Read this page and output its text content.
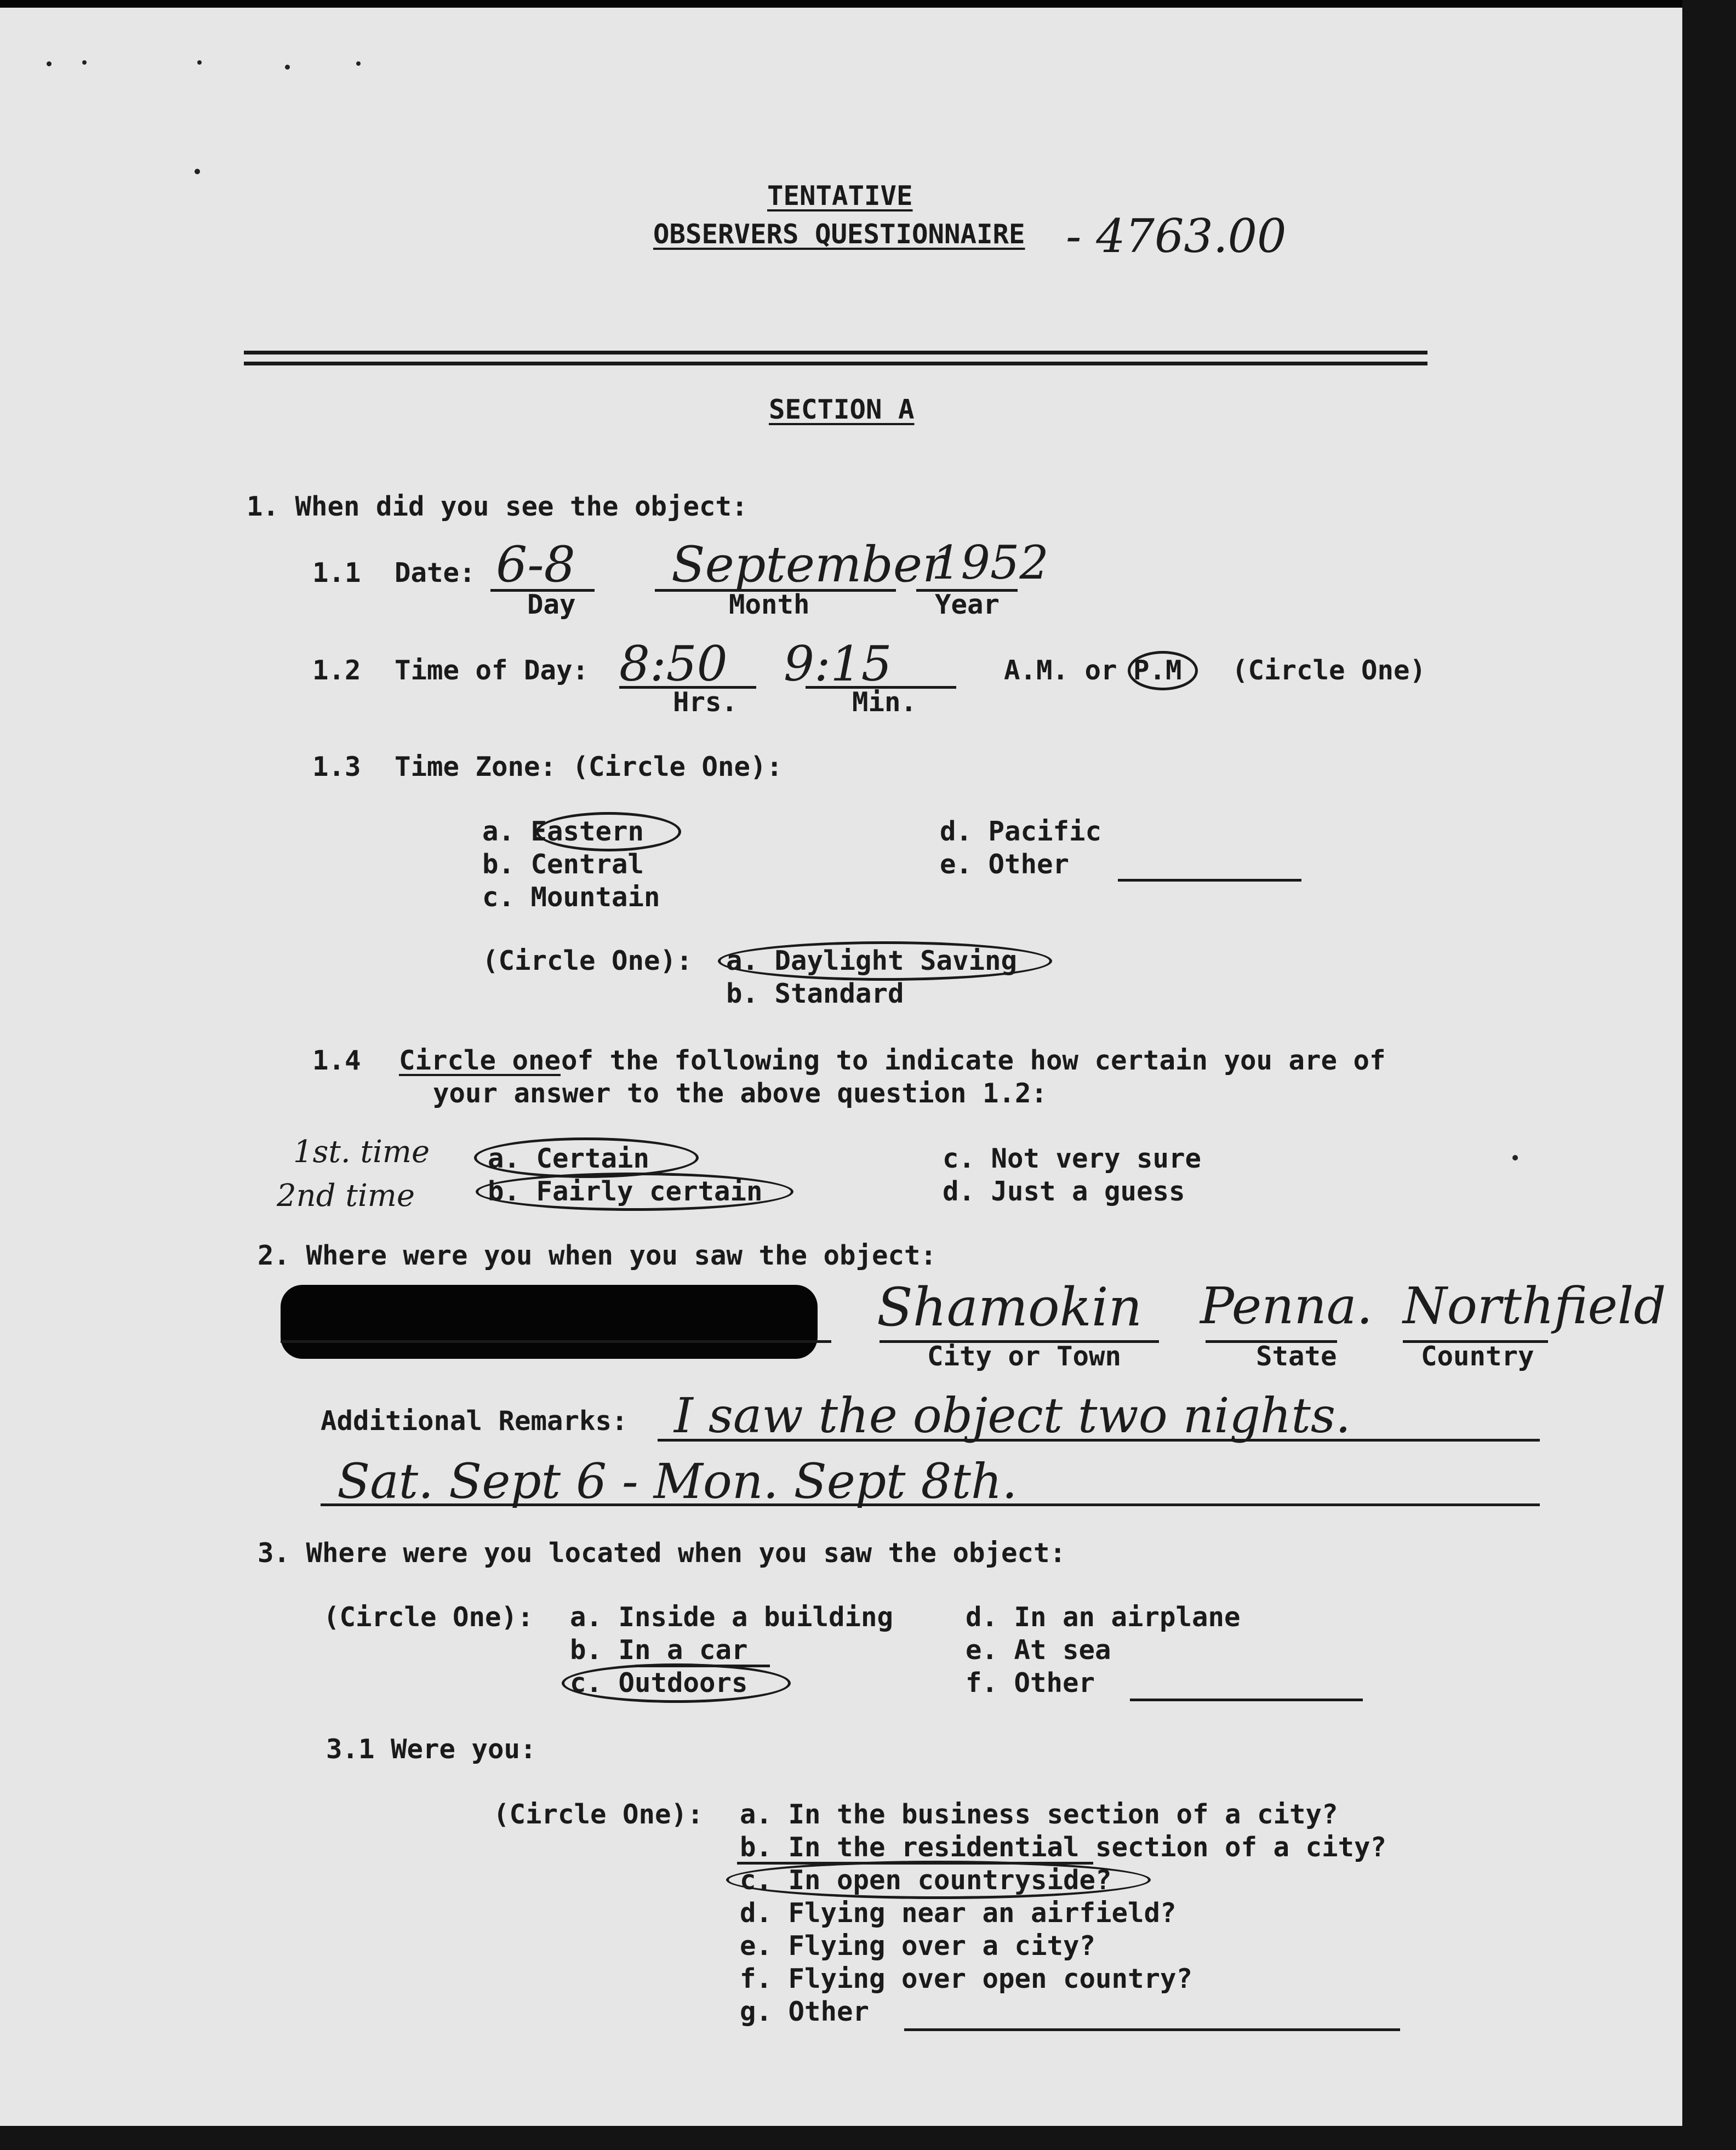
TENTATIVE
OBSERVERS QUESTIONNAIRE - 4763.00
SECTION A
1. When did you see the object:
1.1 Date: 6-8 September
1952
Day	Month	Year
1.2 Time of Day: 8:50 9:15
Hrs.	Min.
A.M. or P.M (Circle One)
1.3 Time Zone: (Circle One):
a. Eastern
b. Central
c. Mountain
d. Pacific
e. Other
(Circle One): a. Daylight Saving
b. Standard
1.4 Circle one of the following to indicate how certain you are of
your answer to the above question 1.2:
1st. time
2nd time
a. Certain
b. Fairly certain
c. Not very sure
d. Just a guess
2. Where were you when you saw the object:
Shamokin Penna. Northfield
City or Town	State	Country
Additional Remarks: I saw the object two nights.
Sat. Sept 6 - Mon. Sept 8th.
3. Where were you located when you saw the object:
(Circle One): a. Inside a building
b. In a car
c. Outdoors
d. In an airplane
e. At sea
f. Other
3.1 Were you:
(Circle One): a. In the business section of a city?
b. In the residential section of a city?
c. In open countryside?
d. Flying near an airfield?
e. Flying over a city?
f. Flying over open country?
g. Other
